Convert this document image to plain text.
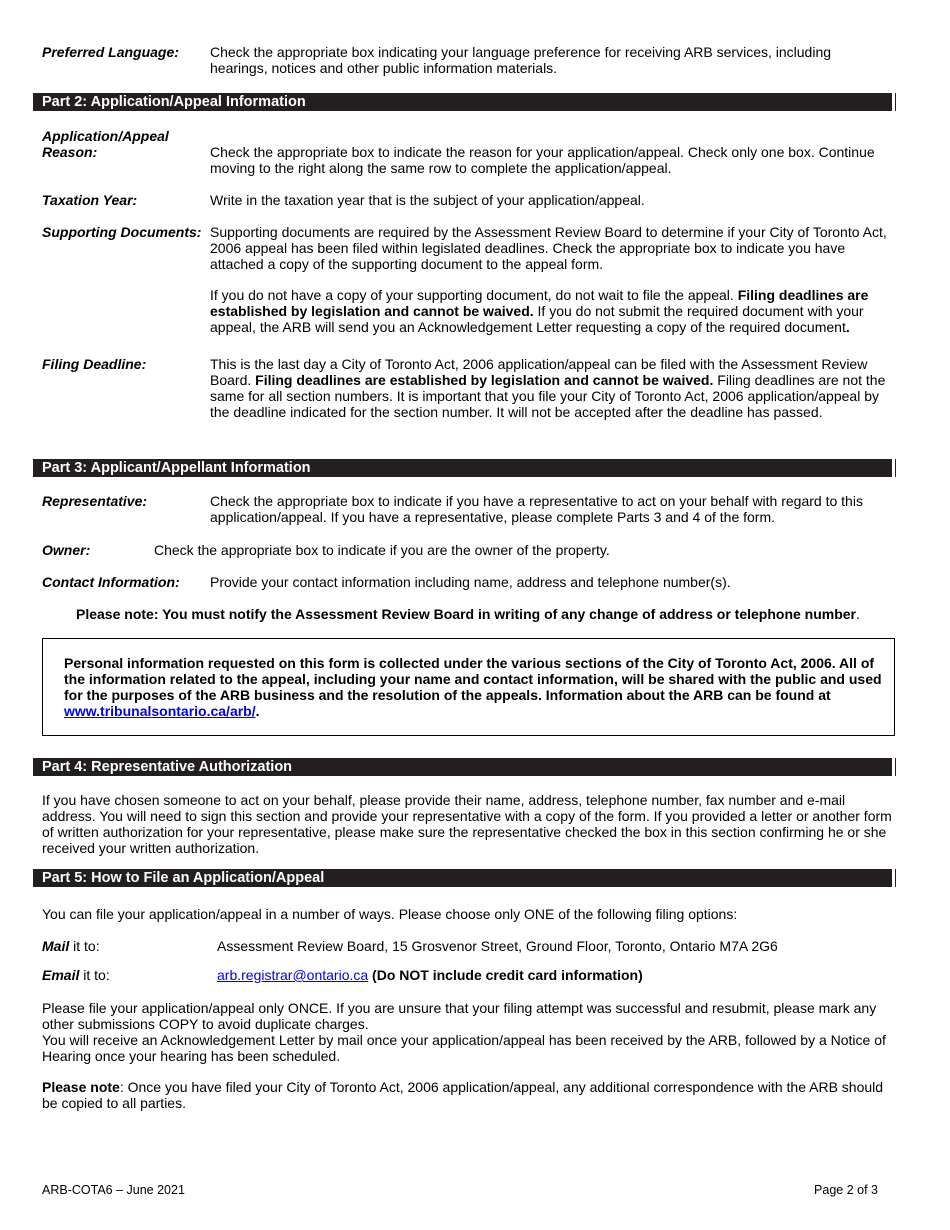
Preferred Language: Check the appropriate box indicating your language preference for receiving ARB services, including hearings, notices and other public information materials.
Part 2: Application/Appeal Information
Application/Appeal
Reason:	Check the appropriate box to indicate the reason for your application/appeal. Check only one box. Continue moving to the right along the same row to complete the application/appeal.
Taxation Year:	Write in the taxation year that is the subject of your application/appeal.
Supporting Documents: Supporting documents are required by the Assessment Review Board to determine if your City of Toronto Act, 2006 appeal has been filed within legislated deadlines. Check the appropriate box to indicate you have attached a copy of the supporting document to the appeal form.
If you do not have a copy of your supporting document, do not wait to file the appeal. Filing deadlines are established by legislation and cannot be waived. If you do not submit the required document with your appeal, the ARB will send you an Acknowledgement Letter requesting a copy of the required document.
Filing Deadline:	This is the last day a City of Toronto Act, 2006 application/appeal can be filed with the Assessment Review Board. Filing deadlines are established by legislation and cannot be waived. Filing deadlines are not the same for all section numbers. It is important that you file your City of Toronto Act, 2006 application/appeal by the deadline indicated for the section number. It will not be accepted after the deadline has passed.
Part 3: Applicant/Appellant Information
Representative:	Check the appropriate box to indicate if you have a representative to act on your behalf with regard to this application/appeal. If you have a representative, please complete Parts 3 and 4 of the form.
Owner:	Check the appropriate box to indicate if you are the owner of the property.
Contact Information: Provide your contact information including name, address and telephone number(s).
Please note: You must notify the Assessment Review Board in writing of any change of address or telephone number.
Personal information requested on this form is collected under the various sections of the City of Toronto Act, 2006. All of the information related to the appeal, including your name and contact information, will be shared with the public and used for the purposes of the ARB business and the resolution of the appeals. Information about the ARB can be found at www.tribunalsontario.ca/arb/.
Part 4: Representative Authorization
If you have chosen someone to act on your behalf, please provide their name, address, telephone number, fax number and e-mail address. You will need to sign this section and provide your representative with a copy of the form. If you provided a letter or another form of written authorization for your representative, please make sure the representative checked the box in this section confirming he or she received your written authorization.
Part 5: How to File an Application/Appeal
You can file your application/appeal in a number of ways. Please choose only ONE of the following filing options:
Mail it to:	Assessment Review Board, 15 Grosvenor Street, Ground Floor, Toronto, Ontario M7A 2G6
Email it to:	arb.registrar@ontario.ca (Do NOT include credit card information)
Please file your application/appeal only ONCE. If you are unsure that your filing attempt was successful and resubmit, please mark any other submissions COPY to avoid duplicate charges.
You will receive an Acknowledgement Letter by mail once your application/appeal has been received by the ARB, followed by a Notice of Hearing once your hearing has been scheduled.
Please note: Once you have filed your City of Toronto Act, 2006 application/appeal, any additional correspondence with the ARB should be copied to all parties.
ARB-COTA6 – June 2021	Page 2 of 3
